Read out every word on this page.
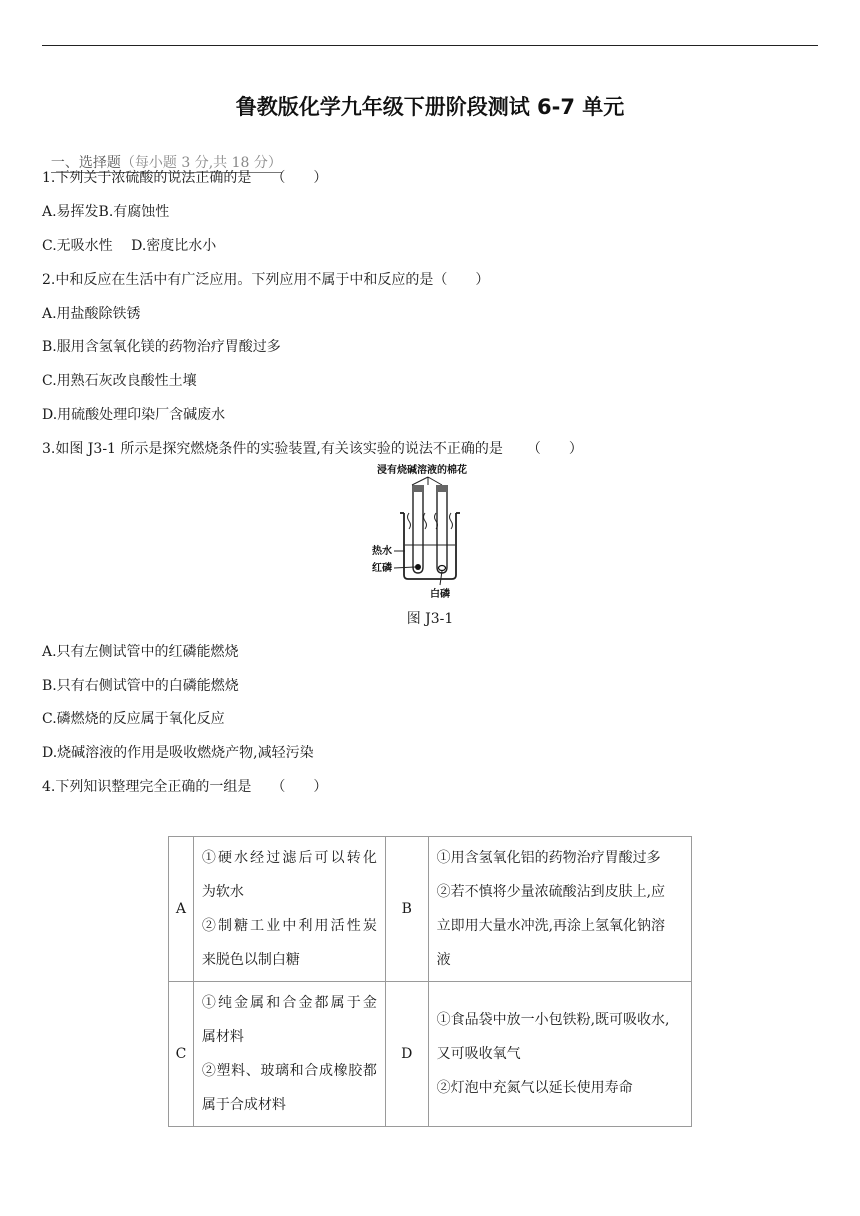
鲁教版化学九年级下册阶段测试 6-7 单元

一、选择题（每小题 3 分,共 18 分）

1.下列关于浓硫酸的说法正确的是 （　　）
A.易挥发B.有腐蚀性
C.无吸水性　 D.密度比水小
2.中和反应在生活中有广泛应用。下列应用不属于中和反应的是（　　）
A.用盐酸除铁锈
B.服用含氢氧化镁的药物治疗胃酸过多
C.用熟石灰改良酸性土壤
D.用硫酸处理印染厂含碱废水
3.如图 J3-1 所示是探究燃烧条件的实验装置,有关该实验的说法不正确的是 （　　）
浸有烧碱溶液的棉花
热水
红磷
白磷
图 J3-1
A.只有左侧试管中的红磷能燃烧
B.只有右侧试管中的白磷能燃烧
C.磷燃烧的反应属于氧化反应
D.烧碱溶液的作用是吸收燃烧产物,减轻污染
4.下列知识整理完全正确的一组是 （　　）
A	①硬水经过滤后可以转化
为软水
②制糖工业中利用活性炭
来脱色以制白糖	B	①用含氢氧化铝的药物治疗胃酸过多
②若不慎将少量浓硫酸沾到皮肤上,应
立即用大量水冲洗,再涂上氢氧化钠溶
液

C	①纯金属和合金都属于金
属材料
②塑料、玻璃和合成橡胶都
属于合成材料	D	①食品袋中放一小包铁粉,既可吸收水,
又可吸收氧气
②灯泡中充氮气以延长使用寿命
